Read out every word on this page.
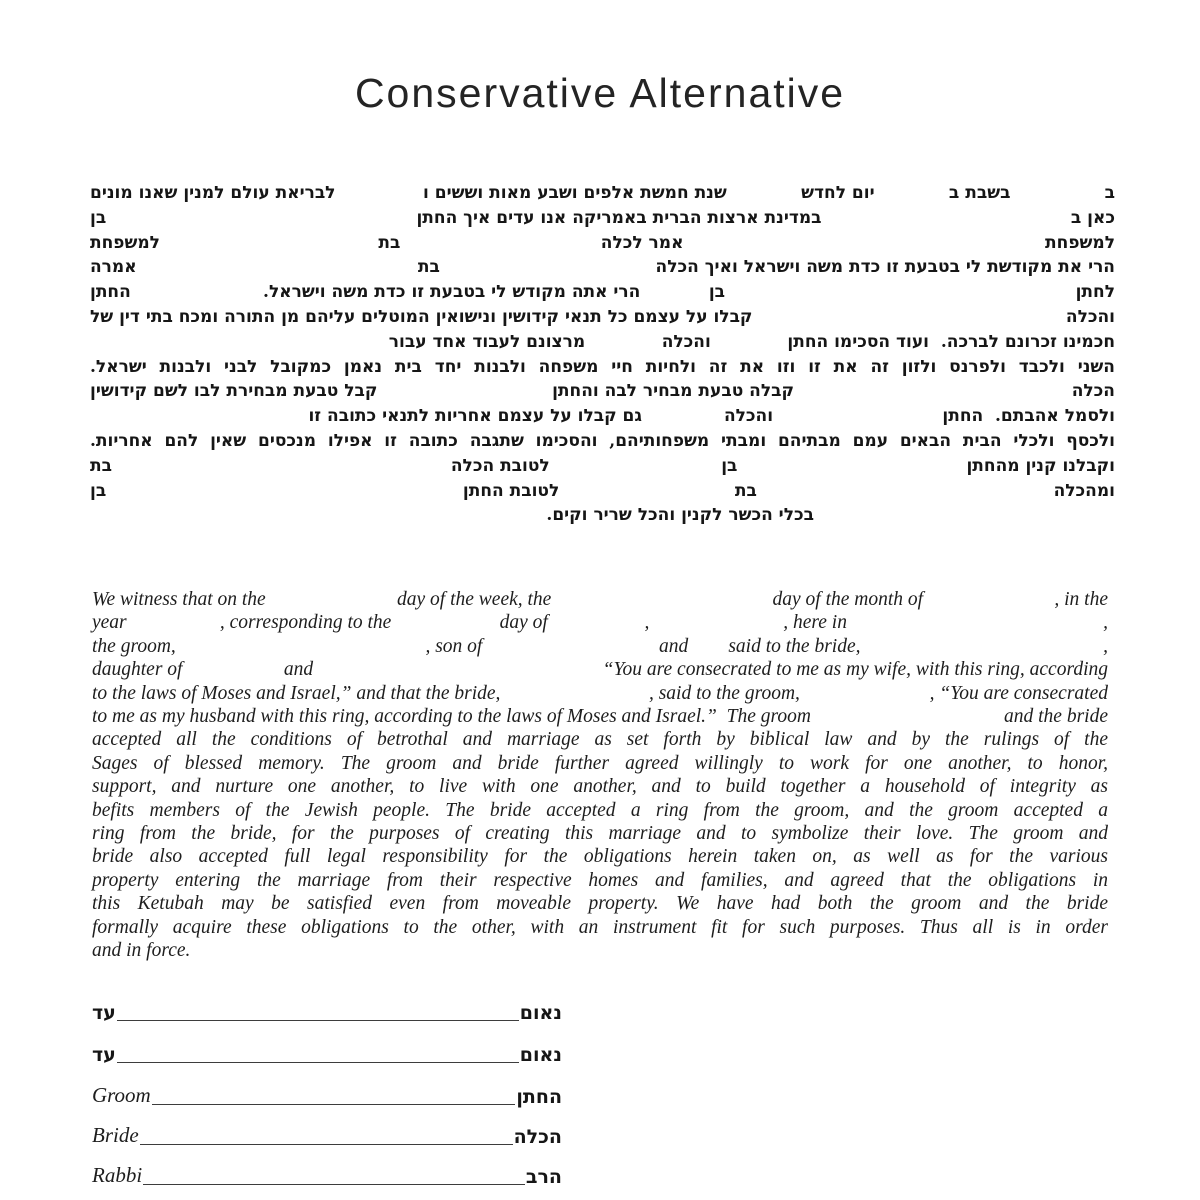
Conservative Alternative
ב
בשבת ב
יום לחדש
שנת חמשת אלפים ושבע מאות וששים ו
לבריאת עולם למנין שאנו מונים
כאן ב
במדינת ארצות הברית באמריקה אנו עדים איך החתן
בן
למשפחת
אמר לכלה
בת
למשפחת
הרי את מקודשת לי בטבעת זו כדת משה וישראל ואיך הכלה
בת
אמרה
לחתן
בן
הרי אתה מקודש לי בטבעת זו כדת משה וישראל.
החתן
והכלה
קבלו על עצמם כל תנאי קידושין ונישואין המוטלים עליהם מן התורה ומכח בתי דין של
חכמינו זכרונם לברכה.  ועוד הסכימו החתן
והכלה
מרצונם לעבוד אחד עבור
השני ולכבד ולפרנס ולזון זה את זו וזו את זה ולחיות חיי משפחה ולבנות יחד בית נאמן כמקובל לבני ולבנות ישראל.
הכלה
קבלה טבעת מבחיר לבה והחתן
קבל טבעת מבחירת לבו לשם קידושין
ולסמל אהבתם.  החתן
והכלה
גם קבלו על עצמם אחריות לתנאי כתובה זו
ולכסף ולכלי הבית הבאים עמם מבתיהם ומבתי משפחותיהם, והסכימו שתגבה כתובה זו אפילו מנכסים שאין להם אחריות.
וקבלנו קנין מהחתן
בן
לטובת הכלה
בת
ומהכלה
בת
לטובת החתן
בן
בכלי הכשר לקנין והכל שריר וקים.
We witness that on the	day of the week, the	day of the month of	, in the
year	, corresponding to the	day of	,	, here in	,
the groom,	, son of	and said to the bride,	,
daughter of	and	“You are consecrated to me as my wife, with this ring, according
to the laws of Moses and Israel,” and that the bride,	, said to the groom,	, “You are consecrated
to me as my husband with this ring, according to the laws of Moses and Israel.”  The groom	and the bride
accepted all the conditions of betrothal and marriage as set forth by biblical law and by the rulings of the
Sages of blessed memory. The groom and bride further agreed willingly to work for one another, to honor,
support, and nurture one another, to live with one another, and to build together a household of integrity as
befits members of the Jewish people. The bride accepted a ring from the groom, and the groom accepted a
ring from the bride, for the purposes of creating this marriage and to symbolize their love. The groom and
bride also accepted full legal responsibility for the obligations herein taken on, as well as for the various
property entering the marriage from their respective homes and families, and agreed that the obligations in
this Ketubah may be satisfied even from moveable property. We have had both the groom and the bride
formally acquire these obligations to the other, with an instrument fit for such purposes. Thus all is in order
and in force.
עד	נאום
עד	נאום
Groom	החתן
Bride	הכלה
Rabbi	הרב
